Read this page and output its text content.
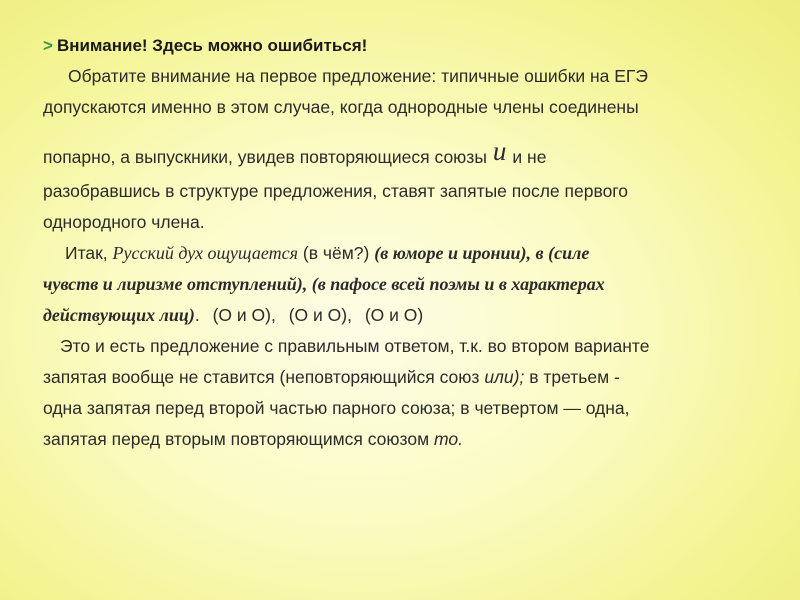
> Внимание! Здесь можно ошибиться!
Обратите внимание на первое предложение: типичные ошибки на ЕГЭ
допускаются именно в этом случае, когда однородные члены соединены
попарно, а выпускники, увидев повторяющиеся союзы и и не
разобравшись в структуре предложения, ставят запятые после первого
однородного члена.
Итак, Русский дух ощущается (в чём?) (в юморе и иронии), в (силе
чувств и лиризме отступлений), (в пафосе всей поэмы и в характерах
действующих лиц). (О и О), (О и О), (О и О)
Это и есть предложение с правильным ответом, т.к. во втором варианте
запятая вообще не ставится (неповторяющийся союз или); в третьем -
одна запятая перед второй частью парного союза; в четвертом — одна,
запятая перед вторым повторяющимся союзом то.
